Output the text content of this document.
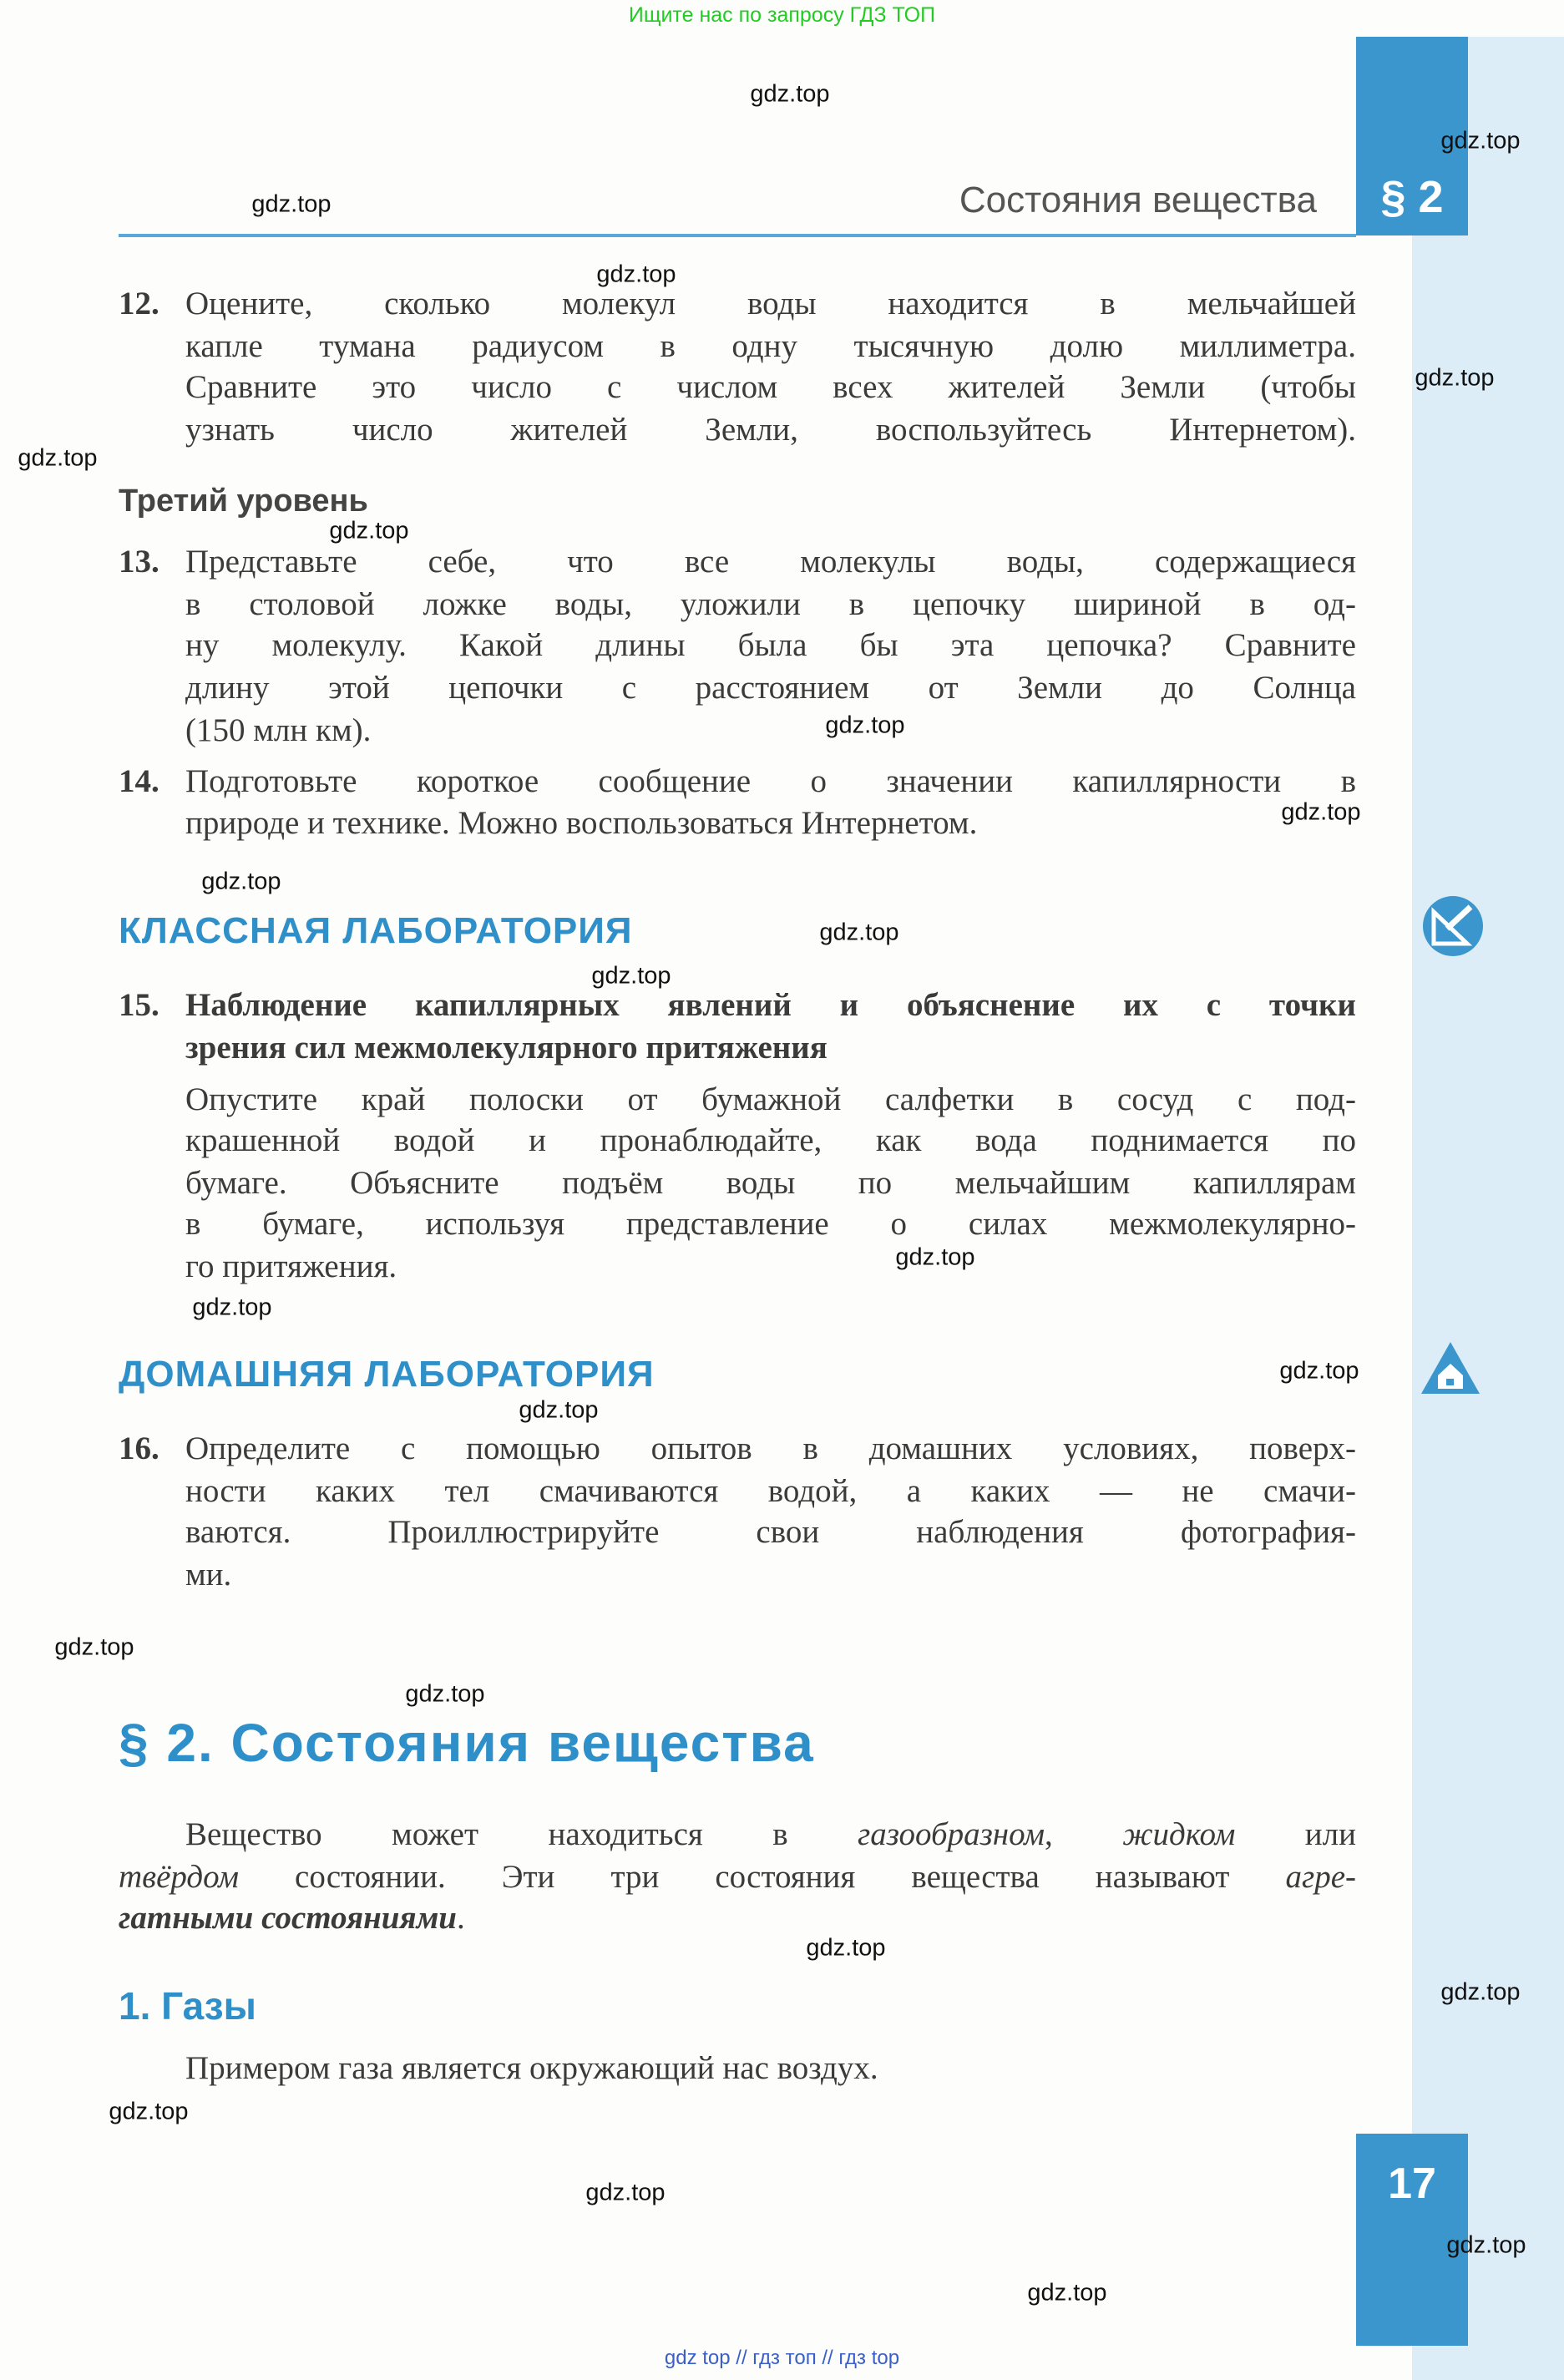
§ 2
17
Состояния вещества
Ищите нас по запросу ГДЗ ТОП
gdz top // гдз топ // гдз top
12. Оцените, сколько молекул воды находится в мельчайшей
капле тумана радиусом в одну тысячную долю миллиметра.
Сравните это число с числом всех жителей Земли (чтобы
узнать число жителей Земли, воспользуйтесь Интернетом).
Третий уровень
13. Представьте себе, что все молекулы воды, содержащиеся
в столовой ложке воды, уложили в цепочку шириной в од-
ну молекулу. Какой длины была бы эта цепочка? Сравните
длину этой цепочки с расстоянием от Земли до Солнца
(150 млн км).
14. Подготовьте короткое сообщение о значении капиллярности в
природе и технике. Можно воспользоваться Интернетом.
КЛАССНАЯ ЛАБОРАТОРИЯ
15. Наблюдение капиллярных явлений и объяснение их с точки
зрения сил межмолекулярного притяжения
Опустите край полоски от бумажной салфетки в сосуд с под-
крашенной водой и пронаблюдайте, как вода поднимается по
бумаге. Объясните подъём воды по мельчайшим капиллярам
в бумаге, используя представление о силах межмолекулярно-
го притяжения.
ДОМАШНЯЯ ЛАБОРАТОРИЯ
16. Определите с помощью опытов в домашних условиях, поверх-
ности каких тел смачиваются водой, а каких — не смачи-
ваются. Проиллюстрируйте свои наблюдения фотография-
ми.
§ 2. Состояния вещества
Вещество может находиться в газообразном, жидком или
твёрдом состоянии. Эти три состояния вещества называют агре-
гатными состояниями.
1. Газы
Примером газа является окружающий нас воздух.
gdz.top
gdz.top
gdz.top
gdz.top
gdz.top
gdz.top
gdz.top
gdz.top
gdz.top
gdz.top
gdz.top
gdz.top
gdz.top
gdz.top
gdz.top
gdz.top
gdz.top
gdz.top
gdz.top
gdz.top
gdz.top
gdz.top
gdz.top
gdz.top
